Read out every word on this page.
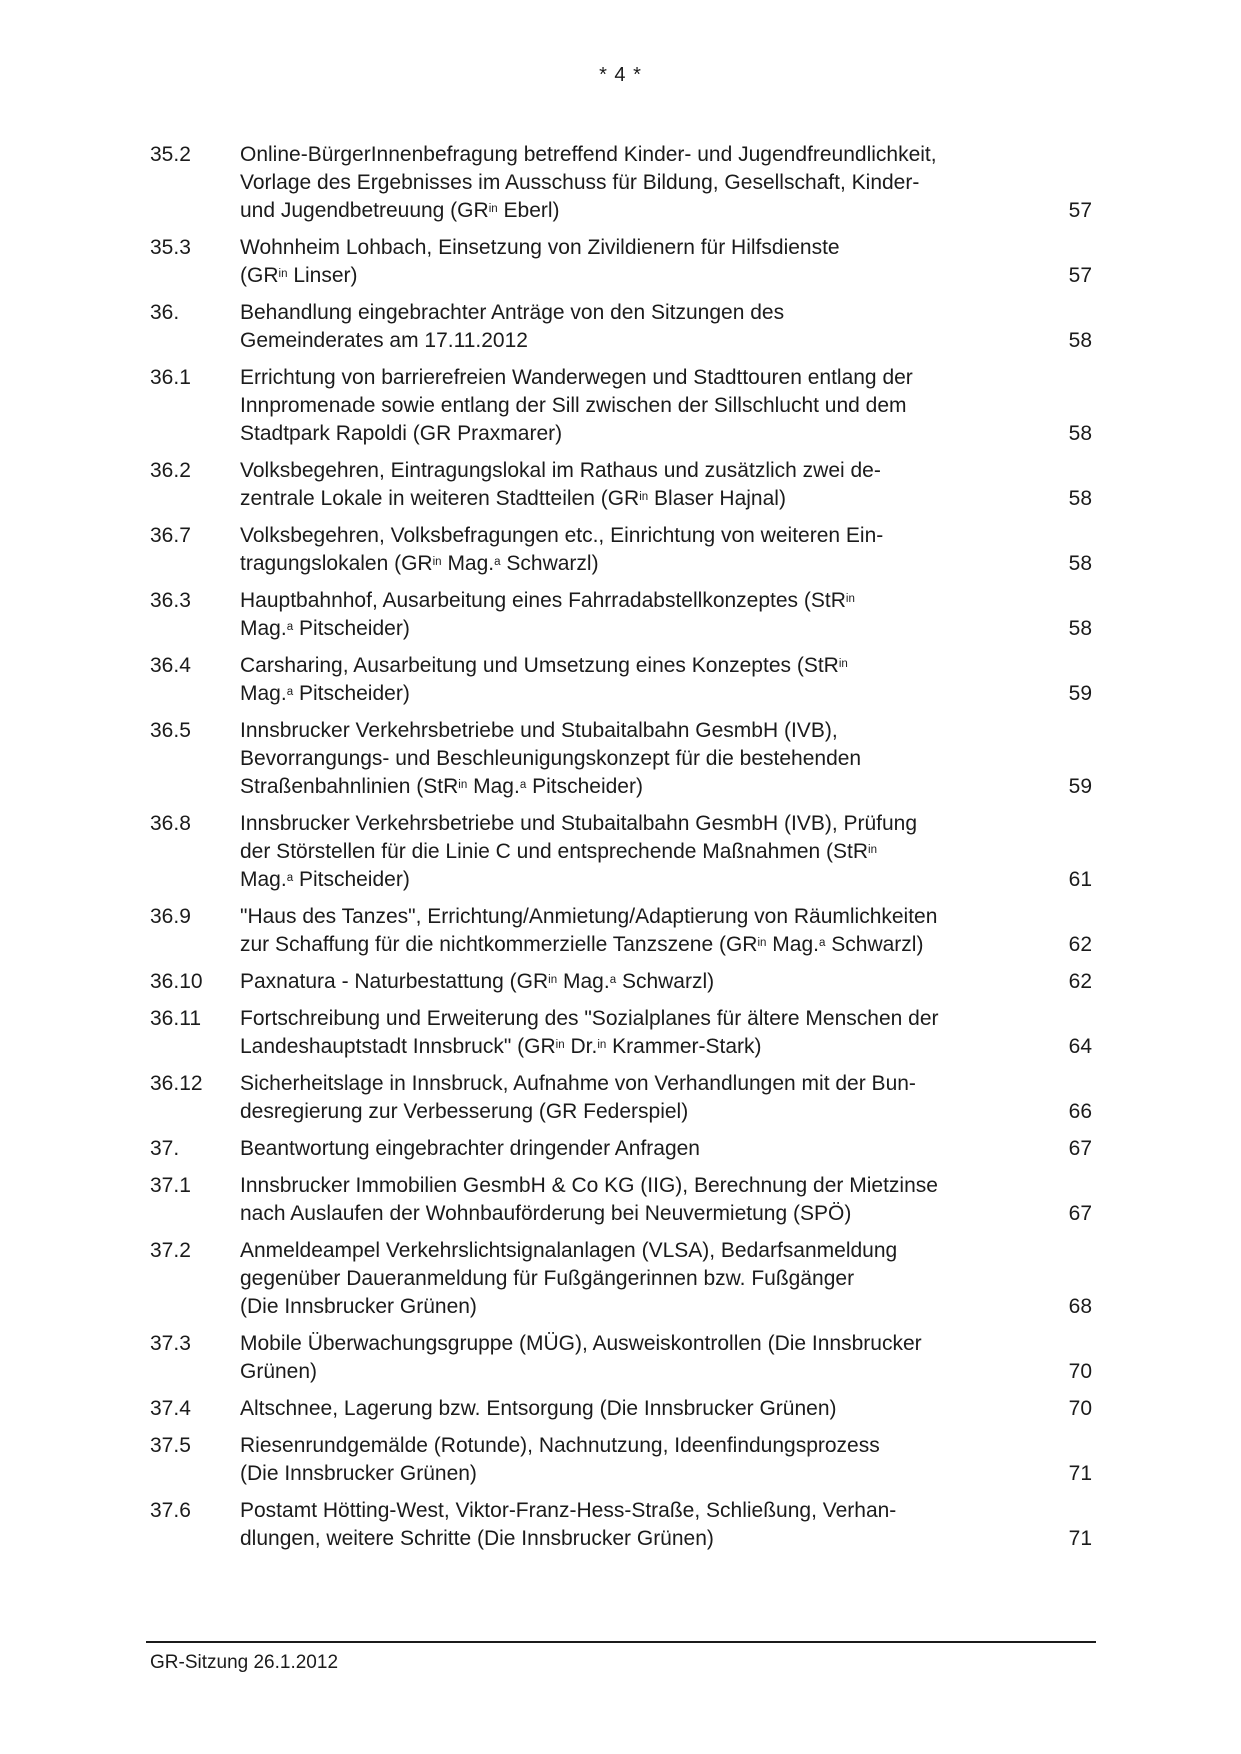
* 4 *
35.2	Online-BürgerInnenbefragung betreffend Kinder- und Jugendfreundlichkeit,
Vorlage des Ergebnisses im Ausschuss für Bildung, Gesellschaft, Kinder-
und Jugendbetreuung ($GR^{in}$ Eberl)	57
35.3	Wohnheim Lohbach, Einsetzung von Zivildienern für Hilfsdienste
($GR^{in}$ Linser)	57
36.	Behandlung eingebrachter Anträge von den Sitzungen des
Gemeinderates am 17.11.2012	58
36.1	Errichtung von barrierefreien Wanderwegen und Stadttouren entlang der
Innpromenade sowie entlang der Sill zwischen der Sillschlucht und dem
Stadtpark Rapoldi (GR Praxmarer)	58
36.2	Volksbegehren, Eintragungslokal im Rathaus und zusätzlich zwei de-
zentrale Lokale in weiteren Stadtteilen ($GR^{in}$ Blaser Hajnal)	58
36.7	Volksbegehren, Volksbefragungen etc., Einrichtung von weiteren Ein-
tragungslokalen ($GR^{in}$ Mag.$^a$ Schwarzl)	58
36.3	Hauptbahnhof, Ausarbeitung eines Fahrradabstellkonzeptes (StR$^{in}$
Mag.$^a$ Pitscheider)	58
36.4	Carsharing, Ausarbeitung und Umsetzung eines Konzeptes (StR$^{in}$
Mag.$^a$ Pitscheider)	59
36.5	Innsbrucker Verkehrsbetriebe und Stubaitalbahn GesmbH (IVB),
Bevorrangungs- und Beschleunigungskonzept für die bestehenden
Straßenbahnlinien (StR$^{in}$ Mag.$^a$ Pitscheider)	59
36.8	Innsbrucker Verkehrsbetriebe und Stubaitalbahn GesmbH (IVB), Prüfung
der Störstellen für die Linie C und entsprechende Maßnahmen (StR$^{in}$
Mag.$^a$ Pitscheider)	61
36.9	"Haus des Tanzes", Errichtung/Anmietung/Adaptierung von Räumlichkeiten
zur Schaffung für die nichtkommerzielle Tanzszene ($GR^{in}$ Mag.$^a$ Schwarzl)	62
36.10	Paxnatura - Naturbestattung ($GR^{in}$ Mag.$^a$ Schwarzl)	62
36.11	Fortschreibung und Erweiterung des "Sozialplanes für ältere Menschen der
Landeshauptstadt Innsbruck" ($GR^{in}$ Dr.$^{in}$ Krammer-Stark)	64
36.12	Sicherheitslage in Innsbruck, Aufnahme von Verhandlungen mit der Bun-
desregierung zur Verbesserung (GR Federspiel)	66
37.	Beantwortung eingebrachter dringender Anfragen	67
37.1	Innsbrucker Immobilien GesmbH & Co KG (IIG), Berechnung der Mietzinse
nach Auslaufen der Wohnbauförderung bei Neuvermietung (SPÖ)	67
37.2	Anmeldeampel Verkehrslichtsignalanlagen (VLSA), Bedarfsanmeldung
gegenüber Daueranmeldung für Fußgängerinnen bzw. Fußgänger
(Die Innsbrucker Grünen)	68
37.3	Mobile Überwachungsgruppe (MÜG), Ausweiskontrollen (Die Innsbrucker
Grünen)	70
37.4	Altschnee, Lagerung bzw. Entsorgung (Die Innsbrucker Grünen)	70
37.5	Riesenrundgemälde (Rotunde), Nachnutzung, Ideenfindungsprozess
(Die Innsbrucker Grünen)	71
37.6	Postamt Hötting-West, Viktor-Franz-Hess-Straße, Schließung, Verhan-
dlungen, weitere Schritte (Die Innsbrucker Grünen)	71
GR-Sitzung 26.1.2012
